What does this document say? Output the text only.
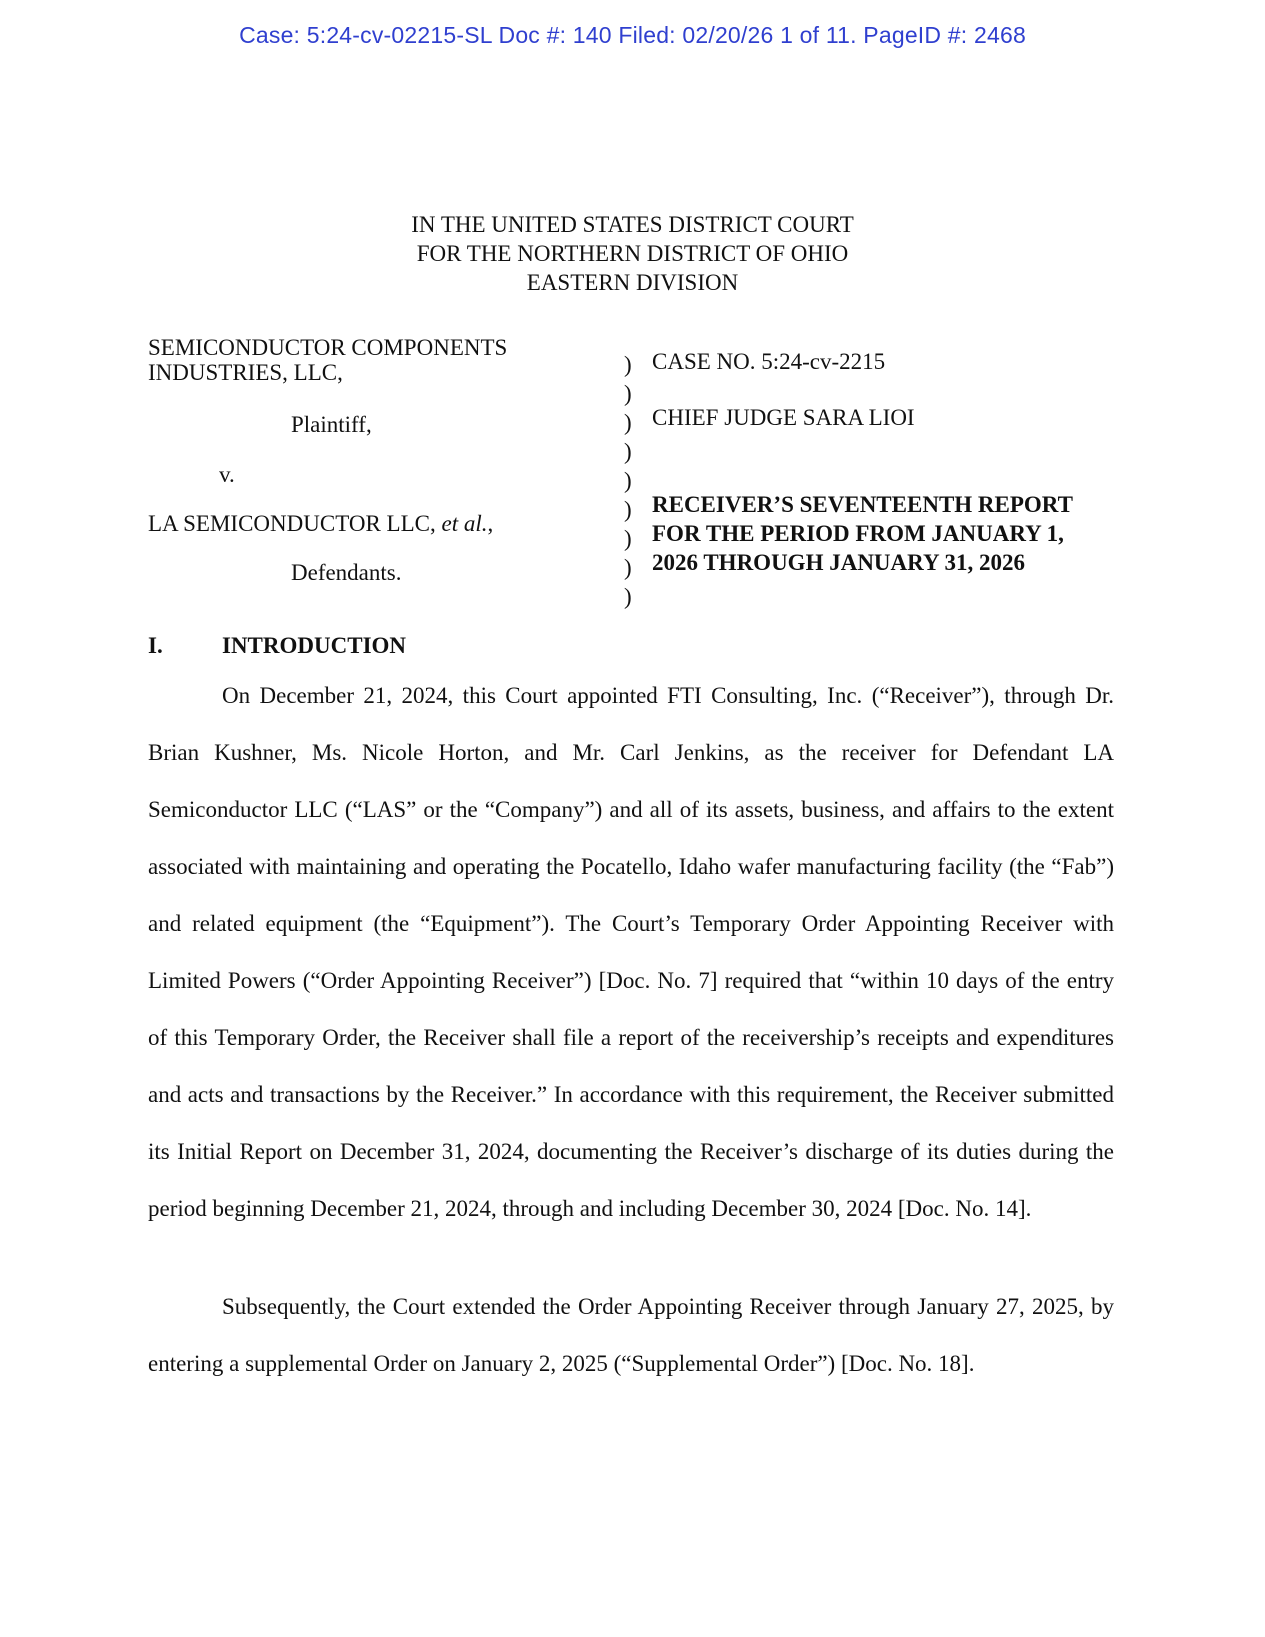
Case: 5:24-cv-02215-SL Doc #: 140 Filed: 02/20/26 1 of 11. PageID #: 2468
IN THE UNITED STATES DISTRICT COURT
FOR THE NORTHERN DISTRICT OF OHIO
EASTERN DIVISION
SEMICONDUCTOR COMPONENTS
INDUSTRIES, LLC,
Plaintiff,
v.
LA SEMICONDUCTOR LLC, et al.,
Defendants.
)
)
)
)
)
)
)
)
)
CASE NO. 5:24-cv-2215
CHIEF JUDGE SARA LIOI
RECEIVER’S SEVENTEENTH REPORT
FOR THE PERIOD FROM JANUARY 1,
2026 THROUGH JANUARY 31, 2026
I.	INTRODUCTION

On December 21, 2024, this Court appointed FTI Consulting, Inc. (“Receiver”), through Dr. Brian Kushner, Ms. Nicole Horton, and Mr. Carl Jenkins, as the receiver for Defendant LA Semiconductor LLC (“LAS” or the “Company”) and all of its assets, business, and affairs to the extent associated with maintaining and operating the Pocatello, Idaho wafer manufacturing facility (the “Fab”) and related equipment (the “Equipment”). The Court’s Temporary Order Appointing Receiver with Limited Powers (“Order Appointing Receiver”) [Doc. No. 7] required that “within 10 days of the entry of this Temporary Order, the Receiver shall file a report of the receivership’s receipts and expenditures and acts and transactions by the Receiver.” In accordance with this requirement, the Receiver submitted its Initial Report on December 31, 2024, documenting the Receiver’s discharge of its duties during the period beginning December 21, 2024, through and including December 30, 2024 [Doc. No. 14].

Subsequently, the Court extended the Order Appointing Receiver through January 27, 2025, by entering a supplemental Order on January 2, 2025 (“Supplemental Order”) [Doc. No. 18].
